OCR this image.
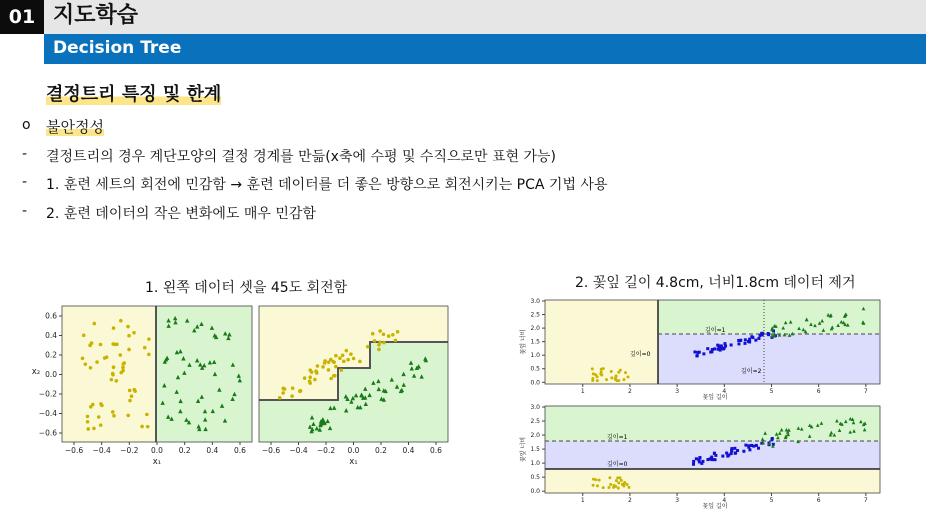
01 지도학습
Decision Tree
결정트리 특징 및 한계
o 불안정성
- 결정트리의 경우 계단모양의 결정 경계를 만듦(x축에 수평 및 수직으로만 표현 가능)
- 1. 훈련 세트의 회전에 민감함 → 훈련 데이터를 더 좋은 방향으로 회전시키는 PCA 기법 사용
- 2. 훈련 데이터의 작은 변화에도 매우 민감함
1. 왼쪽 데이터 셋을 45도 회전함	2. 꽃잎 길이 4.8cm, 너비1.8cm 데이터 제거
−0.6 −0.4 −0.2 0.0 0.2 0.4 0.6
x₁
−0.6 −0.4 −0.2 0.0 0.2 0.4 0.6
x₁
0.6
0.4
0.2
0.0
−0.2
−0.4
−0.6
x₂
깊이=0
깊이=1
깊이=2
깊이=1
깊이=0
3.0
2.5
2.0
1.5
1.0
0.5
0.0
1	2	3	4	5	6	7
꽃잎 길이
꽃잎 너비
3.0
2.5
2.0
1.5
1.0
0.5
0.0
1	2	3	4	5	6	7
꽃잎 길이
꽃잎 너비
